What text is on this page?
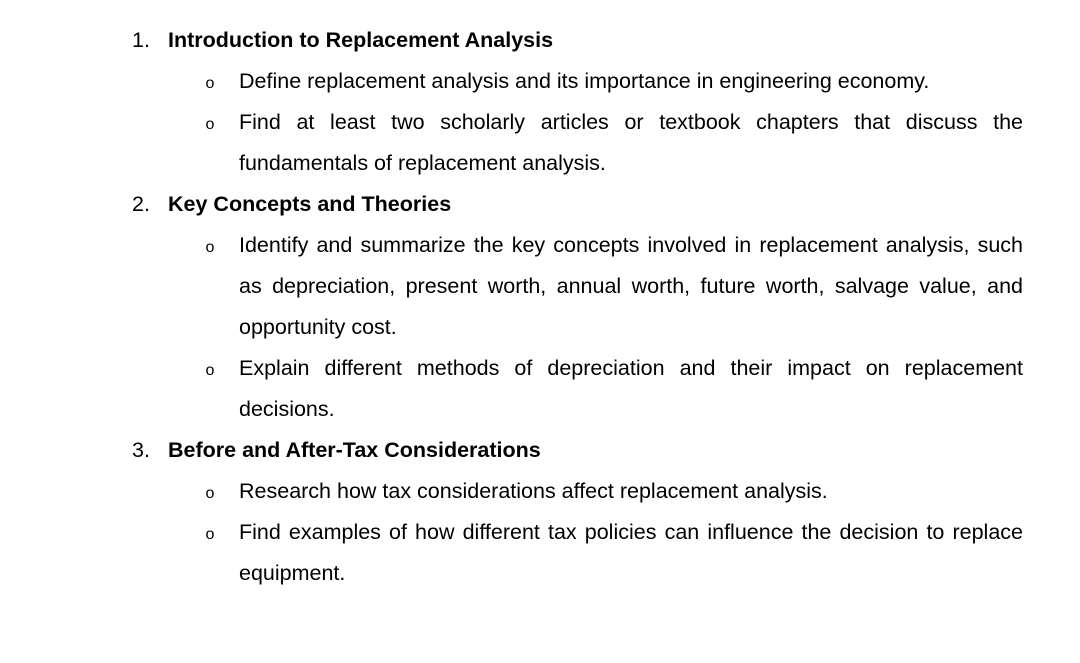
1. Introduction to Replacement Analysis
o Define replacement analysis and its importance in engineering economy.
o Find at least two scholarly articles or textbook chapters that discuss the fundamentals of replacement analysis.
2. Key Concepts and Theories
o Identify and summarize the key concepts involved in replacement analysis, such as depreciation, present worth, annual worth, future worth, salvage value, and opportunity cost.
o Explain different methods of depreciation and their impact on replacement decisions.
3. Before and After-Tax Considerations
o Research how tax considerations affect replacement analysis.
o Find examples of how different tax policies can influence the decision to replace equipment.
